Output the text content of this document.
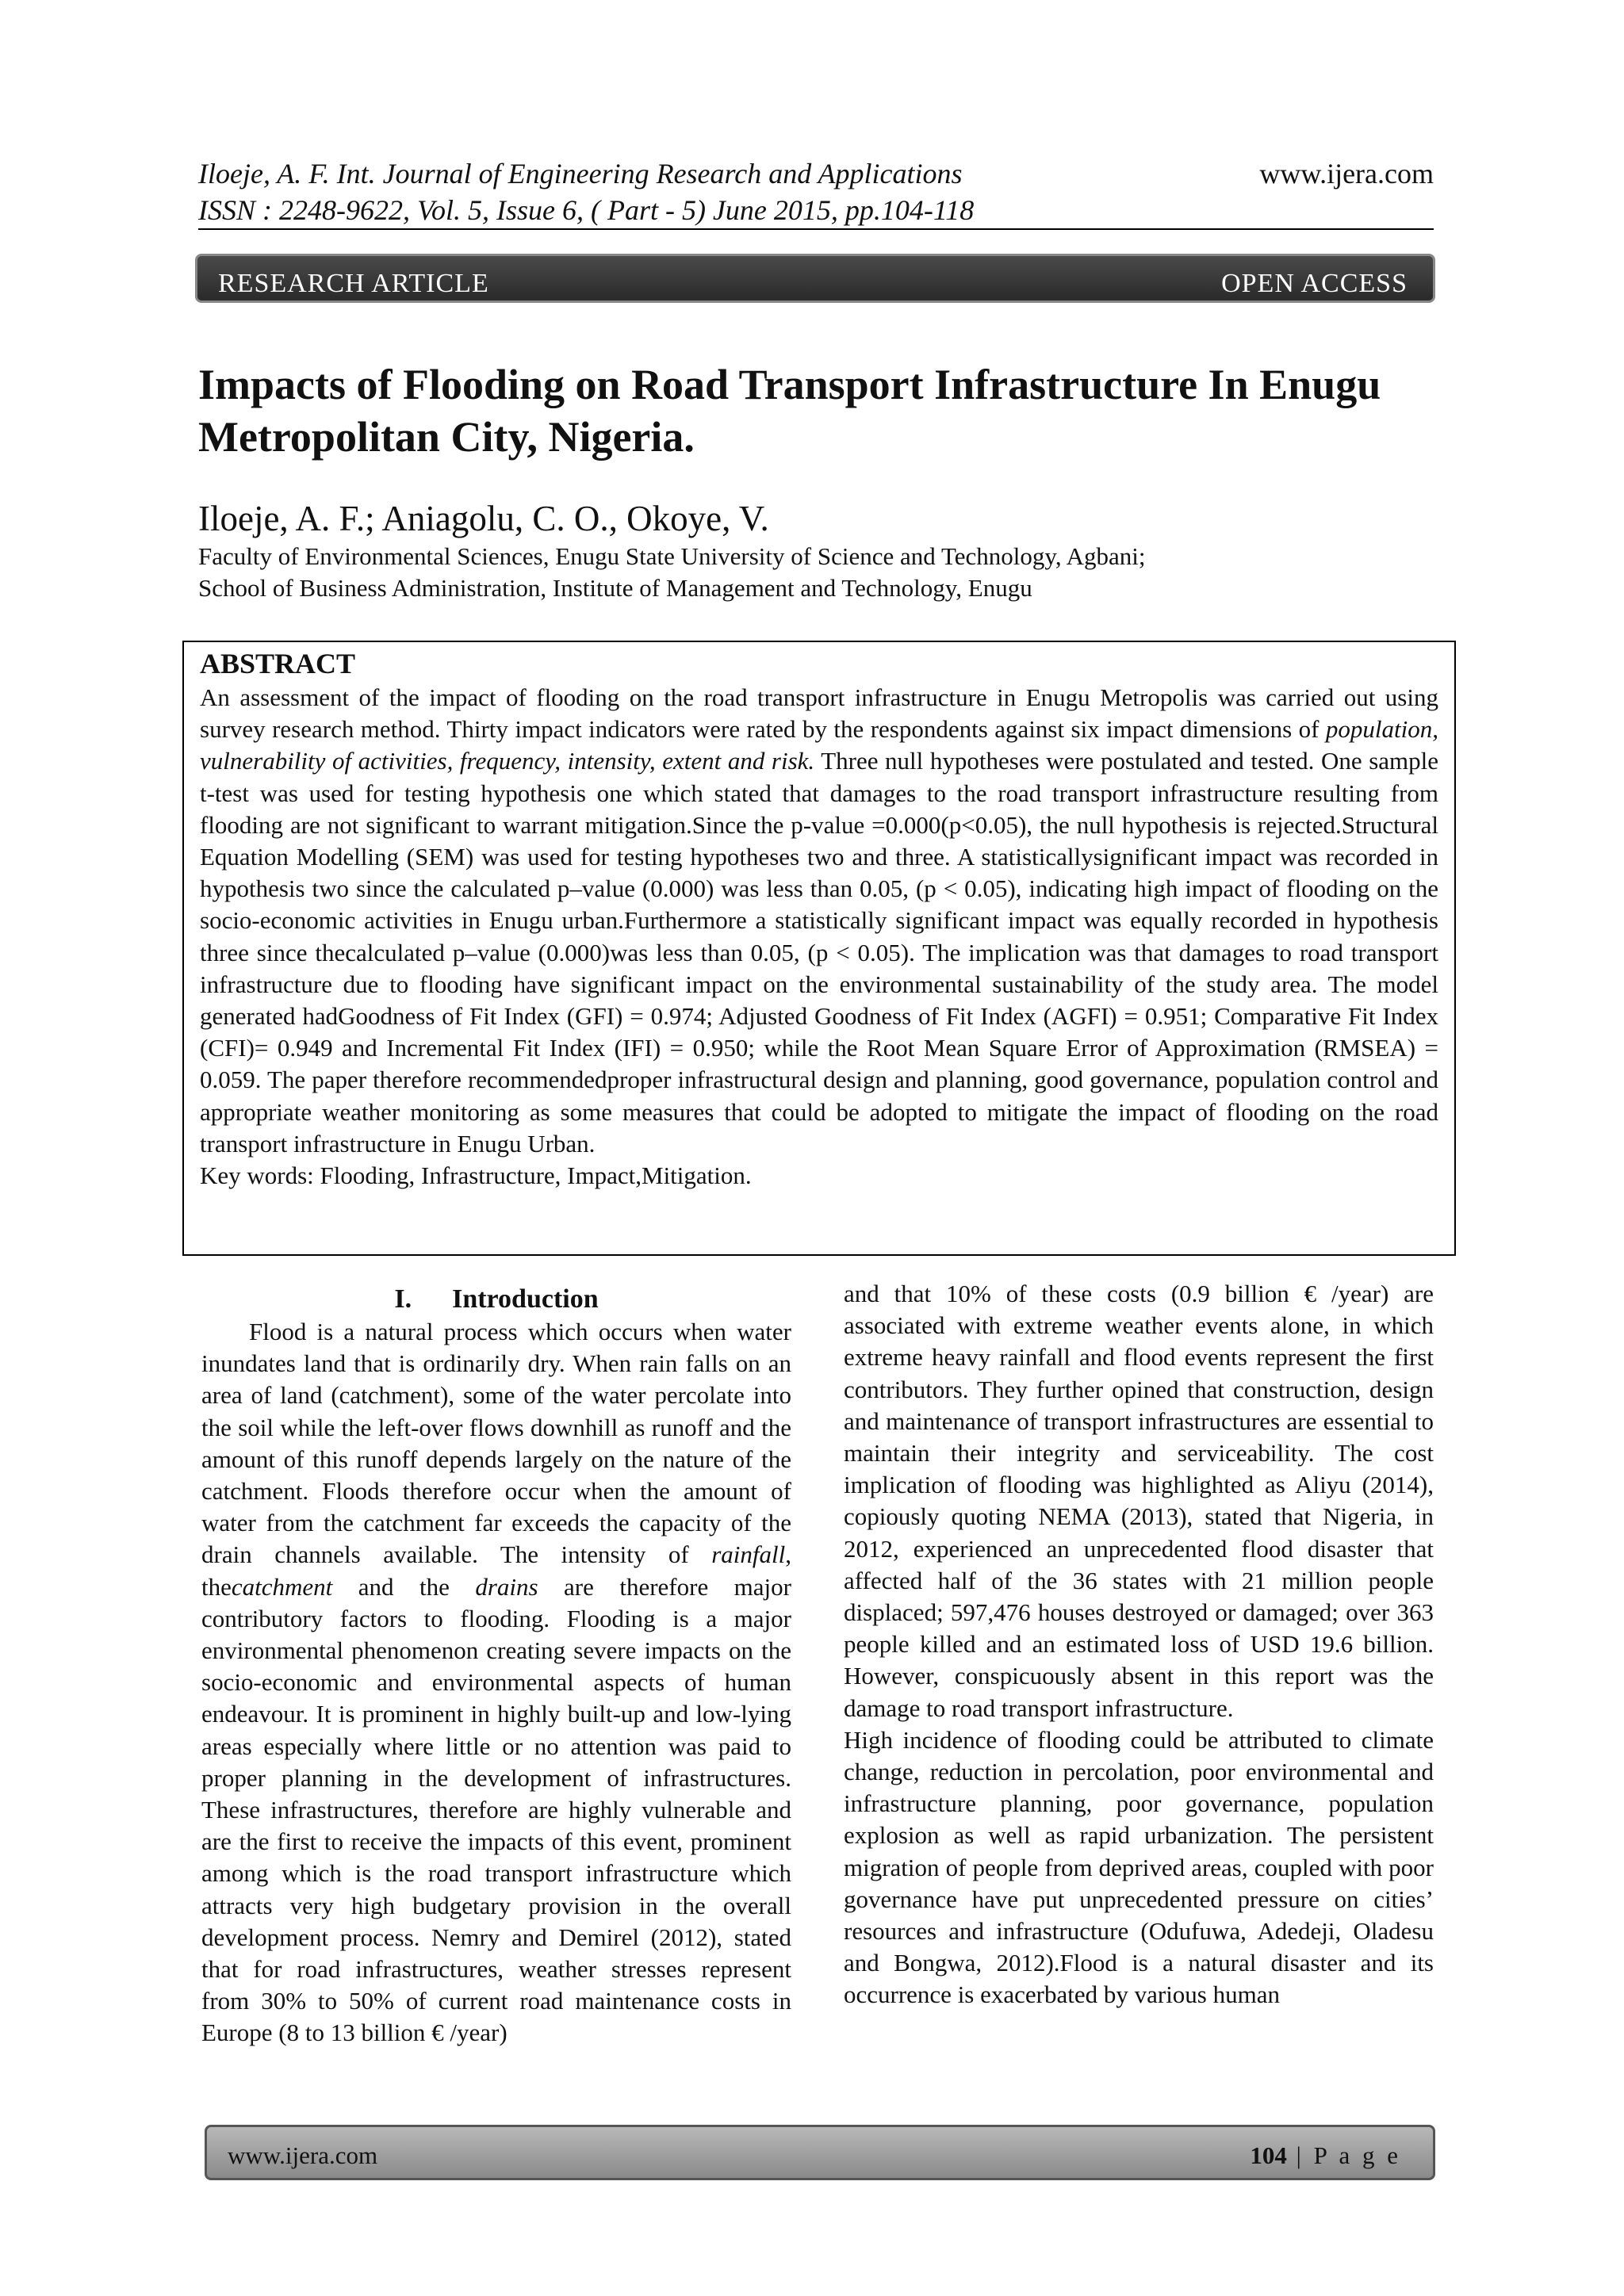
Iloeje, A. F. Int. Journal of Engineering Research and Applications
ISSN : 2248-9622, Vol. 5, Issue 6, ( Part - 5) June 2015, pp.104-118
www.ijera.com
RESEARCH ARTICLE	OPEN ACCESS
Impacts of Flooding on Road Transport Infrastructure In Enugu Metropolitan City, Nigeria.
Iloeje, A. F.; Aniagolu, C. O., Okoye, V.
Faculty of Environmental Sciences, Enugu State University of Science and Technology, Agbani;
School of Business Administration, Institute of Management and Technology, Enugu
ABSTRACT

An assessment of the impact of flooding on the road transport infrastructure in Enugu Metropolis was carried out using survey research method. Thirty impact indicators were rated by the respondents against six impact dimensions of population, vulnerability of activities, frequency, intensity, extent and risk. Three null hypotheses were postulated and tested. One sample t-test was used for testing hypothesis one which stated that damages to the road transport infrastructure resulting from flooding are not significant to warrant mitigation.Since the p-value =0.000(p<0.05), the null hypothesis is rejected.Structural Equation Modelling (SEM) was used for testing hypotheses two and three. A statisticallysignificant impact was recorded in hypothesis two since the calculated p–value (0.000) was less than 0.05, (p < 0.05), indicating high impact of flooding on the socio-economic activities in Enugu urban.Furthermore a statistically significant impact was equally recorded in hypothesis three since thecalculated p–value (0.000)was less than 0.05, (p < 0.05). The implication was that damages to road transport infrastructure due to flooding have significant impact on the environmental sustainability of the study area. The model generated hadGoodness of Fit Index (GFI) = 0.974; Adjusted Goodness of Fit Index (AGFI) = 0.951; Comparative Fit Index (CFI)= 0.949 and Incremental Fit Index (IFI) = 0.950; while the Root Mean Square Error of Approximation (RMSEA) = 0.059. The paper therefore recommendedproper infrastructural design and planning, good governance, population control and appropriate weather monitoring as some measures that could be adopted to mitigate the impact of flooding on the road transport infrastructure in Enugu Urban.

Key words: Flooding, Infrastructure, Impact,Mitigation.

I.      Introduction

Flood is a natural process which occurs when water inundates land that is ordinarily dry. When rain falls on an area of land (catchment), some of the water percolate into the soil while the left-over flows downhill as runoff and the amount of this runoff depends largely on the nature of the catchment. Floods therefore occur when the amount of water from the catchment far exceeds the capacity of the drain channels available. The intensity of rainfall, thecatchment and the drains are therefore major contributory factors to flooding. Flooding is a major environmental phenomenon creating severe impacts on the socio-economic and environmental aspects of human endeavour. It is prominent in highly built-up and low-lying areas especially where little or no attention was paid to proper planning in the development of infrastructures. These infrastructures, therefore are highly vulnerable and are the first to receive the impacts of this event, prominent among which is the road transport infrastructure which attracts very high budgetary provision in the overall development process. Nemry and Demirel (2012), stated that for road infrastructures, weather stresses represent from 30% to 50% of current road maintenance costs in Europe (8 to 13 billion € /year)

and that 10% of these costs (0.9 billion € /year) are associated with extreme weather events alone, in which extreme heavy rainfall and flood events represent the first contributors. They further opined that construction, design and maintenance of transport infrastructures are essential to maintain their integrity and serviceability. The cost implication of flooding was highlighted as Aliyu (2014), copiously quoting NEMA (2013), stated that Nigeria, in 2012, experienced an unprecedented flood disaster that affected half of the 36 states with 21 million people displaced; 597,476 houses destroyed or damaged; over 363 people killed and an estimated loss of USD 19.6 billion. However, conspicuously absent in this report was the damage to road transport infrastructure.

High incidence of flooding could be attributed to climate change, reduction in percolation, poor environmental and infrastructure planning, poor governance, population explosion as well as rapid urbanization. The persistent migration of people from deprived areas, coupled with poor governance have put unprecedented pressure on cities’ resources and infrastructure (Odufuwa, Adedeji, Oladesu and Bongwa, 2012).Flood is a natural disaster and its occurrence is exacerbated by various human

www.ijera.com	104 | P a g e
